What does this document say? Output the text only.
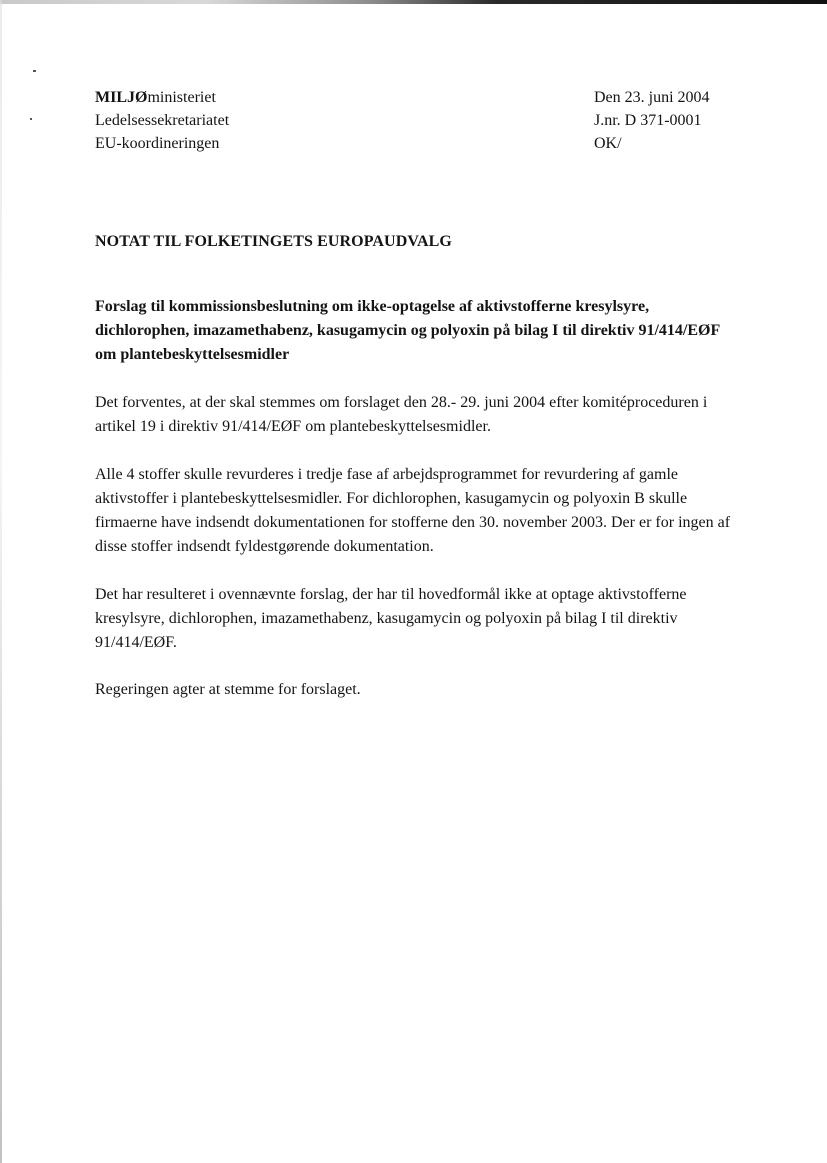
MILJØministeriet
Ledelsessekretariatet
EU-koordineringen
Den 23. juni 2004
J.nr. D 371-0001
OK/
NOTAT TIL FOLKETINGETS EUROPAUDVALG
Forslag til kommissionsbeslutning om ikke-optagelse af aktivstofferne kresylsyre, dichlorophen, imazamethabenz, kasugamycin og polyoxin på bilag I til direktiv 91/414/EØF om plantebeskyttelsesmidler
Det forventes, at der skal stemmes om forslaget den 28.- 29. juni 2004 efter komitéproceduren i artikel 19 i direktiv 91/414/EØF om plantebeskyttelsesmidler.
Alle 4 stoffer skulle revurderes i tredje fase af arbejdsprogrammet for revurdering af gamle aktivstoffer i plantebeskyttelsesmidler. For dichlorophen, kasugamycin og polyoxin B skulle firmaerne have indsendt dokumentationen for stofferne den 30. november 2003. Der er for ingen af disse stoffer indsendt fyldestgørende dokumentation.
Det har resulteret i ovennævnte forslag, der har til hovedformål ikke at optage aktivstofferne kresylsyre, dichlorophen, imazamethabenz, kasugamycin og polyoxin på bilag I til direktiv 91/414/EØF.
Regeringen agter at stemme for forslaget.
